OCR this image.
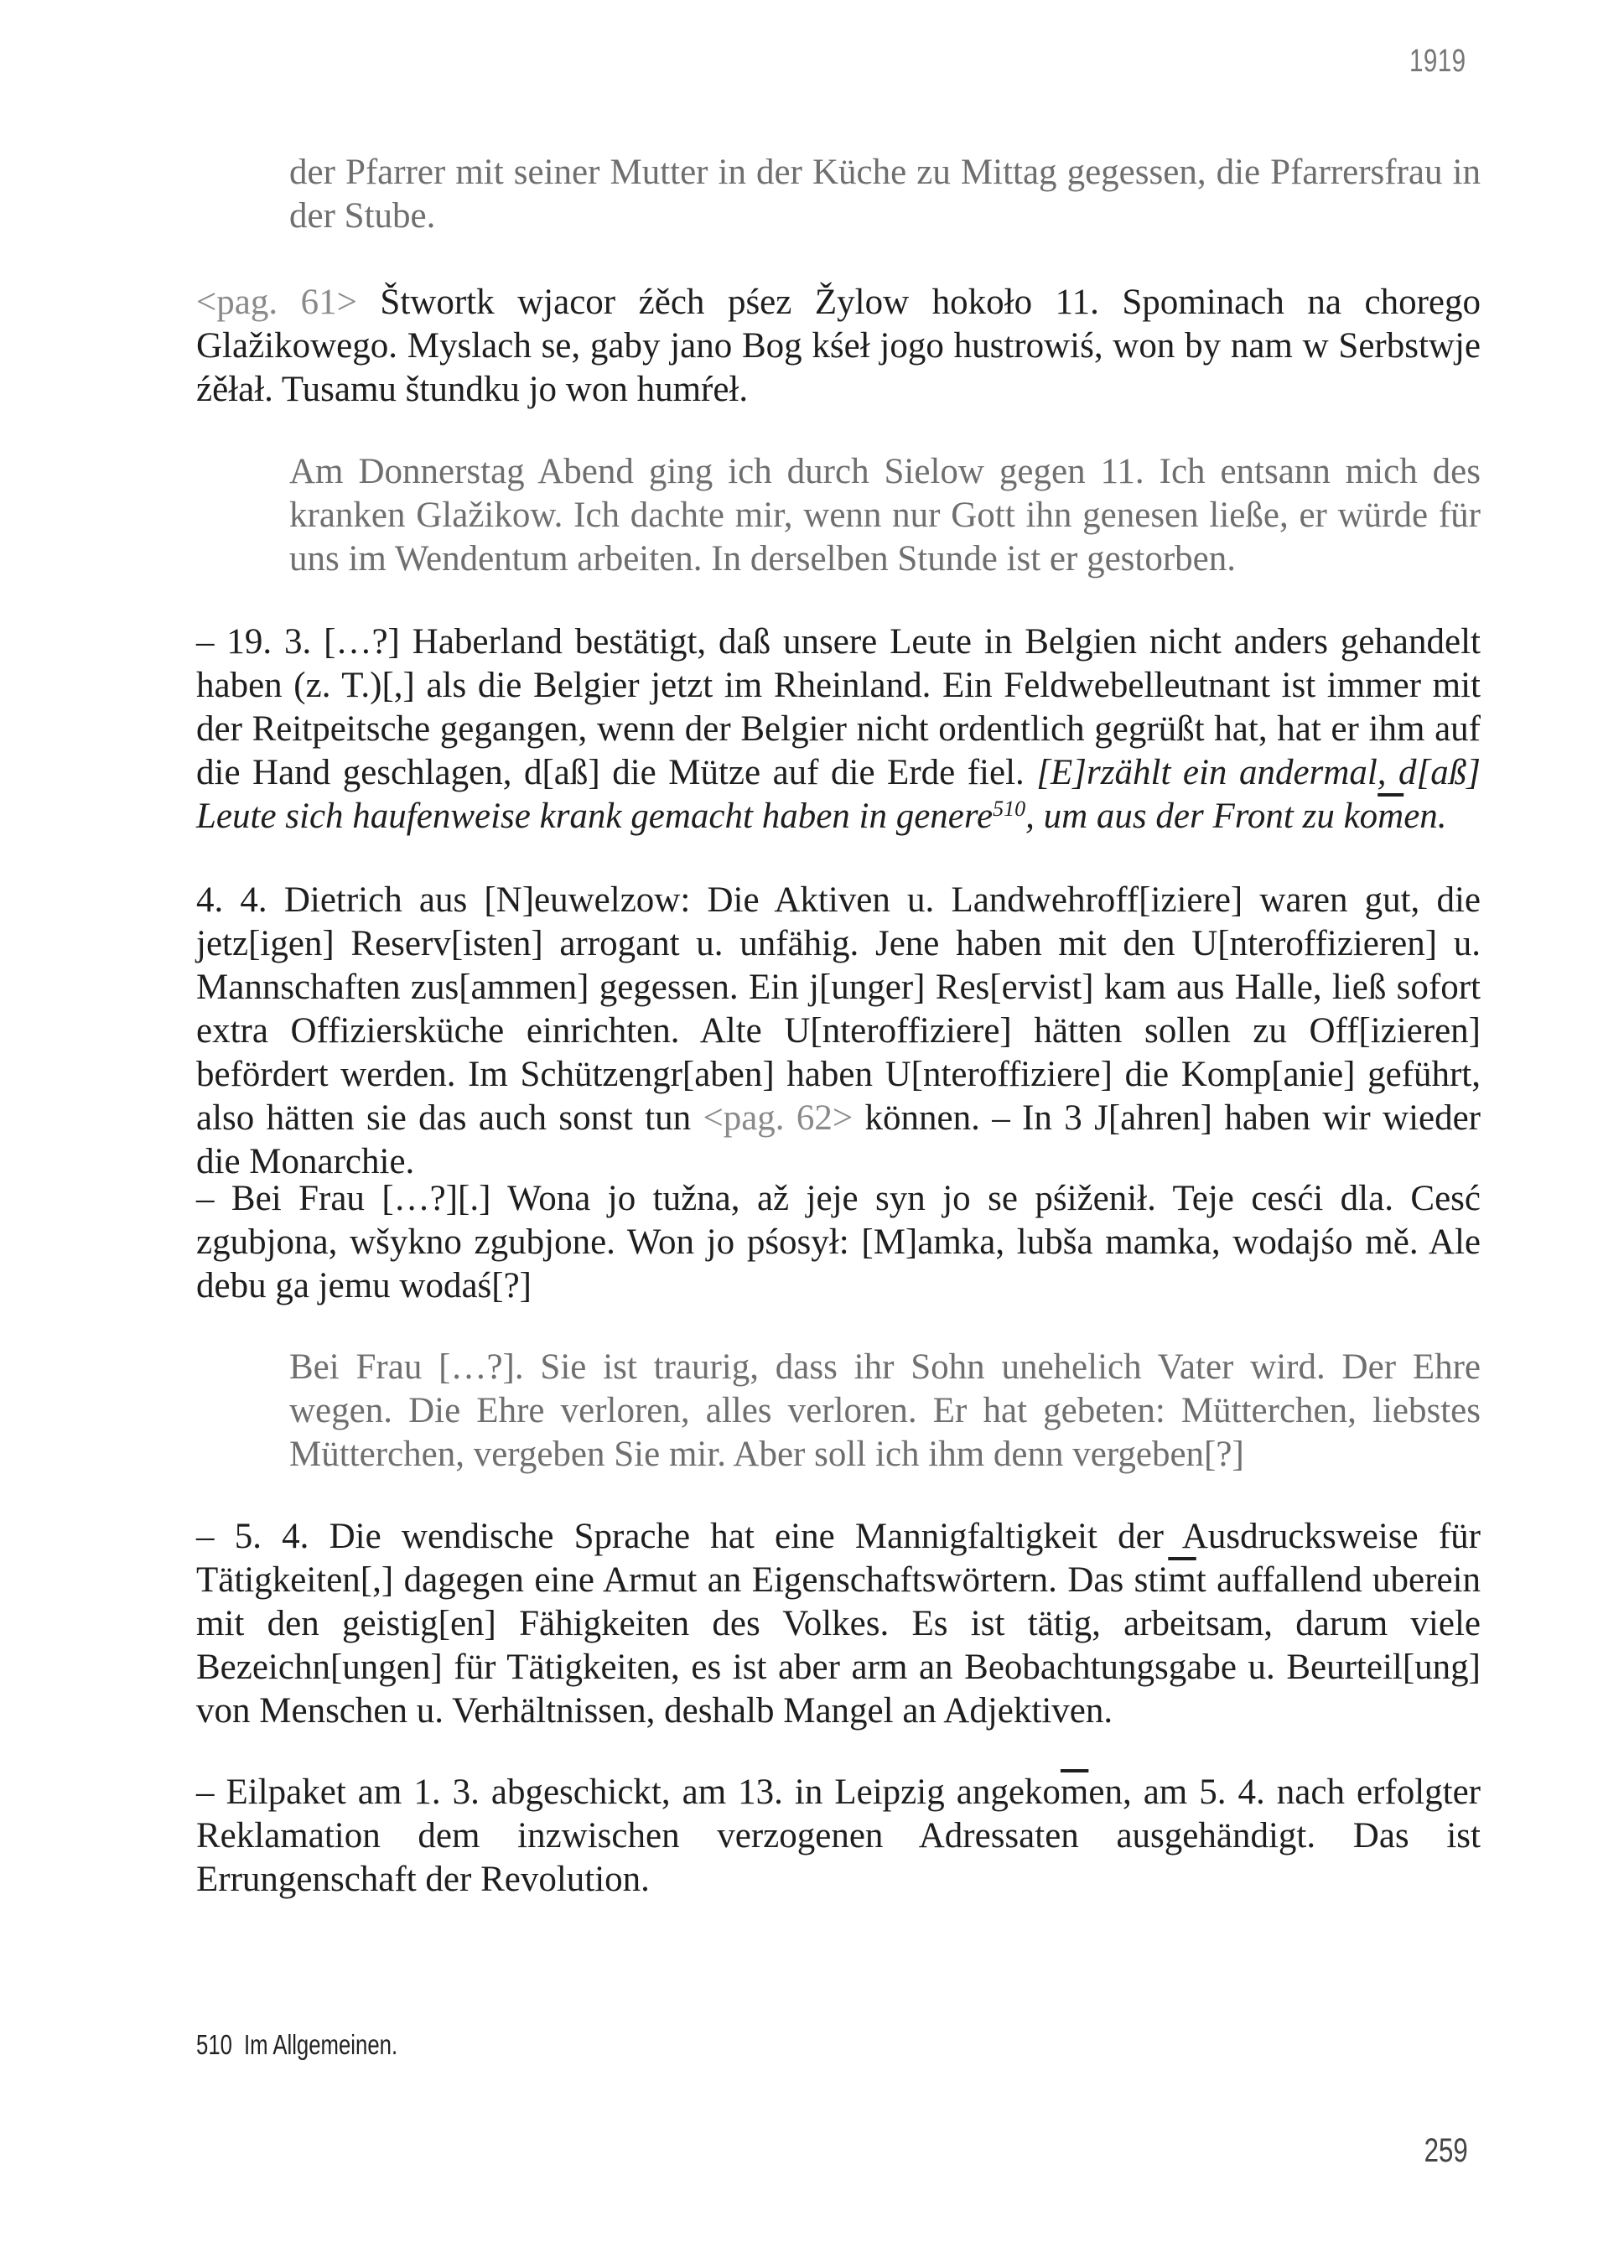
1919

der Pfarrer mit seiner Mutter in der Küche zu Mittag gegessen, die Pfarrersfrau in der Stube.

<pag. 61> Štwortk wjacor źěch pśez Žylow hokoło 11. Spominach na chorego Glažikowego. Myslach se, gaby jano Bog kśeł jogo hustrowiś, won by nam w Serbstwje źěłał. Tusamu štundku jo won humŕeł.

Am Donnerstag Abend ging ich durch Sielow gegen 11. Ich entsann mich des kranken Glažikow. Ich dachte mir, wenn nur Gott ihn genesen ließe, er würde für uns im Wendentum arbeiten. In derselben Stunde ist er gestorben.

– 19. 3. […?] Haberland bestätigt, daß unsere Leute in Belgien nicht anders gehandelt haben (z. T.)[,] als die Belgier jetzt im Rheinland. Ein Feldwebelleutnant ist immer mit der Reitpeitsche gegangen, wenn der Belgier nicht ordentlich gegrüßt hat, hat er ihm auf die Hand geschlagen, d[aß] die Mütze auf die Erde fiel. [E]rzählt ein andermal, d[aß] Leute sich haufenweise krank gemacht haben in genere$^{510}$, um aus der Front zu $ko\overline{m}en$.

4. 4. Dietrich aus [N]euwelzow: Die Aktiven u. Landwehroff[iziere] waren gut, die jetz[igen] Reserv[isten] arrogant u. unfähig. Jene haben mit den U[nteroffizieren] u. Mannschaften zus[ammen] gegessen. Ein j[unger] Res[ervist] kam aus Halle, ließ sofort extra Offiziersküche einrichten. Alte U[nteroffiziere] hätten sollen zu Off[izieren] befördert werden. Im Schützengr[aben] haben U[nteroffiziere] die Komp[anie] geführt, also hätten sie das auch sonst tun <pag. 62> können. – In 3 J[ahren] haben wir wieder die Monarchie.

– Bei Frau […?][.] Wona jo tužna, až jeje syn jo se pśiženił. Teje cesći dla. Cesć zgubjona, wšykno zgubjone. Won jo pśosył: [M]amka, lubša mamka, wodajśo mě. Ale debu ga jemu wodaś[?]

Bei Frau […?]. Sie ist traurig, dass ihr Sohn unehelich Vater wird. Der Ehre wegen. Die Ehre verloren, alles verloren. Er hat gebeten: Mütterchen, liebstes Mütterchen, vergeben Sie mir. Aber soll ich ihm denn vergeben[?]

– 5. 4. Die wendische Sprache hat eine Mannigfaltigkeit der Ausdrucksweise für Tätigkeiten[,] dagegen eine Armut an Eigenschaftswörtern. Das $sti\overline{m}t$ auffallend uberein mit den geistig[en] Fähigkeiten des Volkes. Es ist tätig, arbeitsam, darum viele Bezeichn[ungen] für Tätigkeiten, es ist aber arm an Beobachtungsgabe u. Beurteil[ung] von Menschen u. Verhältnissen, deshalb Mangel an Adjektiven.

– Eilpaket am 1. 3. abgeschickt, am 13. in Leipzig $angeko\overline{m}en$, am 5. 4. nach erfolgter Reklamation dem inzwischen verzogenen Adressaten ausgehändigt. Das ist Errungenschaft der Revolution.

510 Im Allgemeinen.
259
